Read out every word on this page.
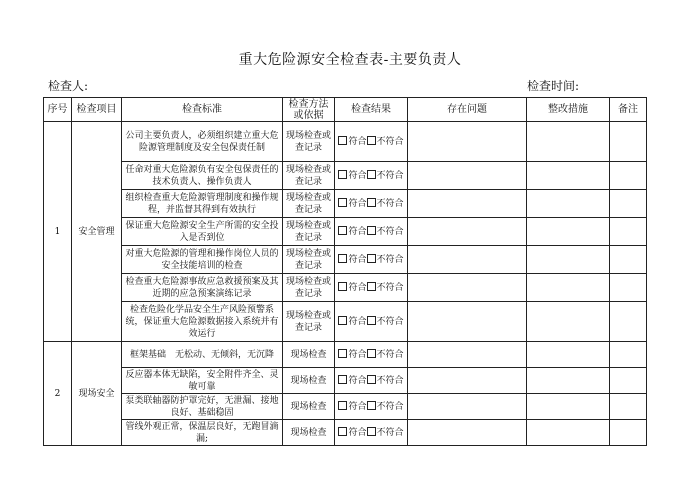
重大危险源安全检查表-主要负责人
检查人:	检查时间:
序号	检查项目	检查标准	检查方法或依据	检查结果	存在问题	整改措施	备注
1	安全管理	公司主要负责人，必须组织建立重大危险源管理制度及安全包保责任制	现场检查或查记录	符合 不符合			
		任命对重大危险源负有安全包保责任的技术负责人、操作负责人	现场检查或查记录	符合 不符合			
		组织检查重大危险源管理制度和操作规程，并监督其得到有效执行	现场检查或查记录	符合 不符合			
		保证重大危险源安全生产所需的安全投入是否到位	现场检查或查记录	符合 不符合			
		对重大危险源的管理和操作岗位人员的安全技能培训的检查	现场检查或查记录	符合 不符合			
		检查重大危险源事故应急救援预案及其近期的应急预案演练记录	现场检查或查记录	符合 不符合			
		检查危险化学品安全生产风险预警系统，保证重大危险源数据接入系统并有效运行	现场检查或查记录	符合 不符合			
2	现场安全	框架基础　无松动、无倾斜，无沉降	现场检查	符合 不符合			
		反应器本体无缺陷，安全附件齐全、灵敏可靠	现场检查	符合 不符合			
		泵类联轴器防护罩完好，无泄漏、接地良好、基础稳固	现场检查	符合 不符合			
		管线外观正常，保温层良好，无跑冒滴漏;	现场检查	符合 不符合			
